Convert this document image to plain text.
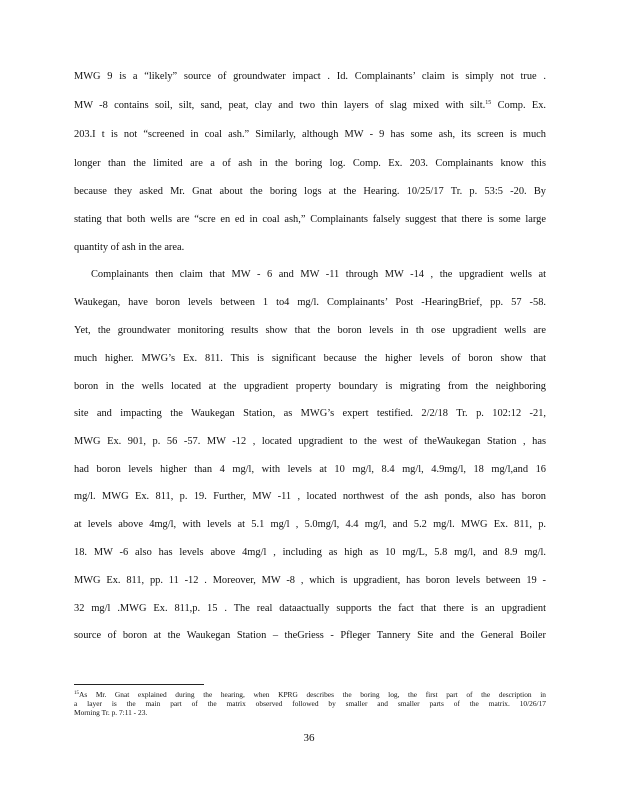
MWG 9 is a “likely” source of groundwater impact . Id. Complainants’ claim is simply not true .
MW -8 contains soil, silt, sand, peat, clay and two thin layers of slag mixed with silt.$^{15}$ Comp. Ex.
203.I t is not “screened in coal ash.” Similarly, although MW - 9 has some ash, its screen is much
longer than the limited are a of ash in the boring log. Comp. Ex. 203. Complainants know this
because they asked Mr. Gnat about the boring logs at the Hearing. 10/25/17 Tr. p. 53:5 -20. By
stating that both wells are “scre en ed in coal ash,” Complainants falsely suggest that there is some large
quantity of ash in the area.
Complainants then claim that MW - 6 and MW -11 through MW -14 , the upgradient wells at
Waukegan, have boron levels between 1 to4 mg/l. Complainants’ Post -HearingBrief, pp. 57 -58.
Yet, the groundwater monitoring results show that the boron levels in th ose upgradient wells are
much higher. MWG’s Ex. 811. This is significant because the higher levels of boron show that
boron in the wells located at the upgradient property boundary is migrating from the neighboring
site and impacting the Waukegan Station, as MWG’s expert testified. 2/2/18 Tr. p. 102:12 -21,
MWG Ex. 901, p. 56 -57. MW -12 , located upgradient to the west of theWaukegan Station , has
had boron levels higher than 4 mg/l, with levels at 10 mg/l, 8.4 mg/l, 4.9mg/l, 18 mg/l,and 16
mg/l. MWG Ex. 811, p. 19. Further, MW -11 , located northwest of the ash ponds, also has boron
at levels above 4mg/l, with levels at 5.1 mg/l , 5.0mg/l, 4.4 mg/l, and 5.2 mg/l. MWG Ex. 811, p.
18. MW -6 also has levels above 4mg/l , including as high as 10 mg/L, 5.8 mg/l, and 8.9 mg/l.
MWG Ex. 811, pp. 11 -12 . Moreover, MW -8 , which is upgradient, has boron levels between 19 -
32 mg/l .MWG Ex. 811,p. 15 . The real dataactually supports the fact that there is an upgradient
source of boron at the Waukegan Station – theGriess - Pfleger Tannery Site and the General Boiler
$^{15}$As Mr. Gnat explained during the hearing, when KPRG describes the boring log, the first part of the description in
a layer is the main part of the matrix observed followed by smaller and smaller parts of the matrix. 10/26/17
Morning Tr. p. 7:11 - 23.
36
